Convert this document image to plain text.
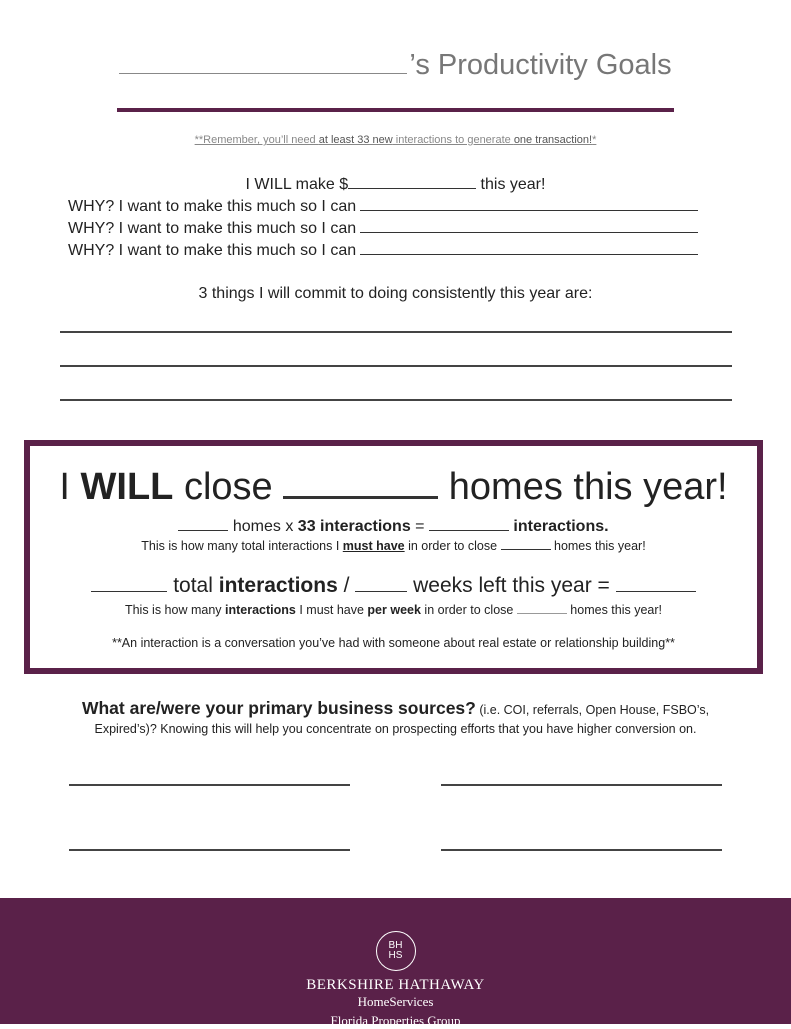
’s Productivity Goals
**Remember, you’ll need at least 33 new interactions to generate one transaction!*
I WILL make $	this year!
WHY? I want to make this much so I can
WHY? I want to make this much so I can
WHY? I want to make this much so I can
3 things I will commit to doing consistently this year are:
I WILL close	homes this year!
homes x 33 interactions =	interactions.
This is how many total interactions I must have in order to close	homes this year!
total interactions /  weeks left this year =
This is how many interactions I must have per week in order to close	homes this year!
**An interaction is a conversation you’ve had with someone about real estate or relationship building**
What are/were your primary business sources? (i.e. COI, referrals, Open House, FSBO’s,
Expired’s)? Knowing this will help you concentrate on prospecting efforts that you have higher conversion on.
BH
HS
BERKSHIRE HATHAWAY
HomeServices
Florida Properties Group
